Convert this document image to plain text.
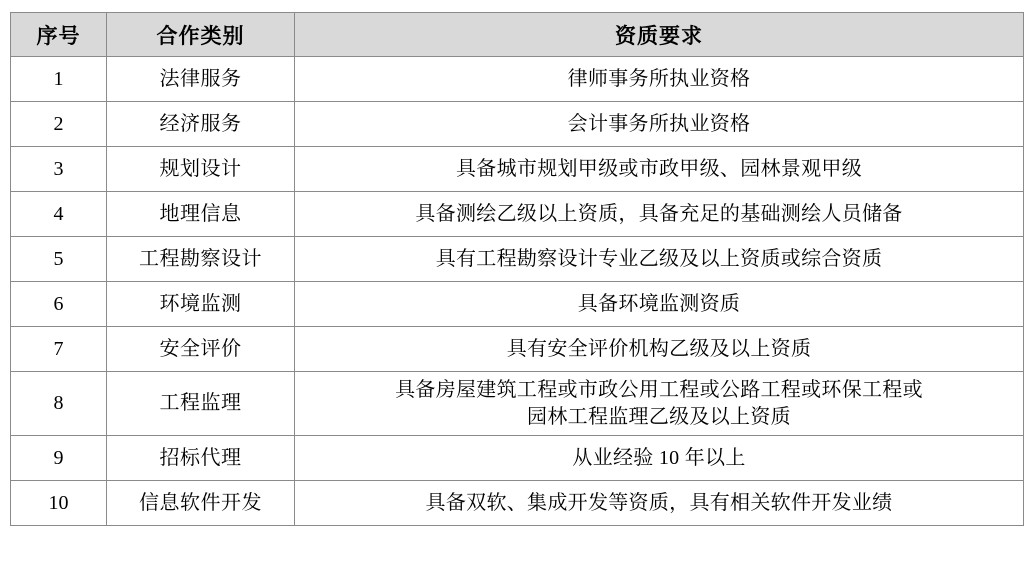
序号	合作类别	资质要求
1	法律服务	律师事务所执业资格

2	经济服务	会计事务所执业资格

3	规划设计	具备城市规划甲级或市政甲级、园林景观甲级

4	地理信息	具备测绘乙级以上资质，具备充足的基础测绘人员储备

5	工程勘察设计	具有工程勘察设计专业乙级及以上资质或综合资质

6	环境监测	具备环境监测资质

7	安全评价	具有安全评价机构乙级及以上资质

8	工程监理	具备房屋建筑工程或市政公用工程或公路工程或环保工程或
园林工程监理乙级及以上资质

9	招标代理	从业经验 10 年以上

10	信息软件开发	具备双软、集成开发等资质，具有相关软件开发业绩
